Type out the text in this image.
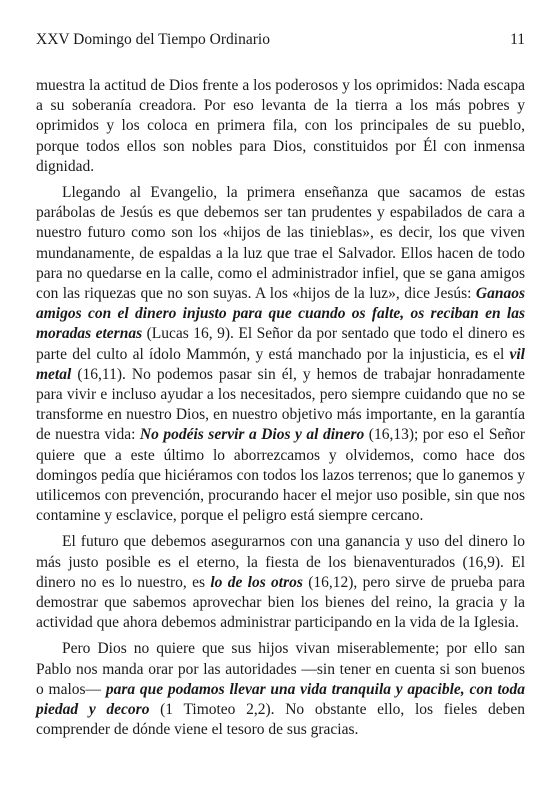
XXV Domingo del Tiempo Ordinario	11

muestra la actitud de Dios frente a los poderosos y los oprimidos: Nada escapa a su soberanía creadora. Por eso levanta de la tierra a los más pobres y oprimidos y los coloca en primera fila, con los principales de su pueblo, porque todos ellos son nobles para Dios, constituidos por Él con inmensa dignidad.

Llegando al Evangelio, la primera enseñanza que sacamos de estas parábolas de Jesús es que debemos ser tan prudentes y espabilados de cara a nuestro futuro como son los «hijos de las tinieblas», es decir, los que viven mundanamente, de espaldas a la luz que trae el Salvador. Ellos hacen de todo para no quedarse en la calle, como el administrador infiel, que se gana amigos con las riquezas que no son suyas. A los «hijos de la luz», dice Jesús: Ganaos amigos con el dinero injusto para que cuando os falte, os reciban en las moradas eternas (Lucas 16, 9). El Señor da por sentado que todo el dinero es parte del culto al ídolo Mammón, y está manchado por la injusticia, es el vil metal (16,11). No podemos pasar sin él, y hemos de trabajar honradamente para vivir e incluso ayudar a los necesitados, pero siempre cuidando que no se transforme en nuestro Dios, en nuestro objetivo más importante, en la garantía de nuestra vida: No podéis servir a Dios y al dinero (16,13); por eso el Señor quiere que a este último lo aborrezcamos y olvidemos, como hace dos domingos pedía que hiciéramos con todos los lazos terrenos; que lo ganemos y utilicemos con prevención, procurando hacer el mejor uso posible, sin que nos contamine y esclavice, porque el peligro está siempre cercano.

El futuro que debemos asegurarnos con una ganancia y uso del dinero lo más justo posible es el eterno, la fiesta de los bienaventurados (16,9). El dinero no es lo nuestro, es lo de los otros (16,12), pero sirve de prueba para demostrar que sabemos aprovechar bien los bienes del reino, la gracia y la actividad que ahora debemos administrar participando en la vida de la Iglesia.

Pero Dios no quiere que sus hijos vivan miserablemente; por ello san Pablo nos manda orar por las autoridades —sin tener en cuenta si son buenos o malos— para que podamos llevar una vida tranquila y apacible, con toda piedad y decoro (1 Timoteo 2,2). No obstante ello, los fieles deben comprender de dónde viene el tesoro de sus gracias.
